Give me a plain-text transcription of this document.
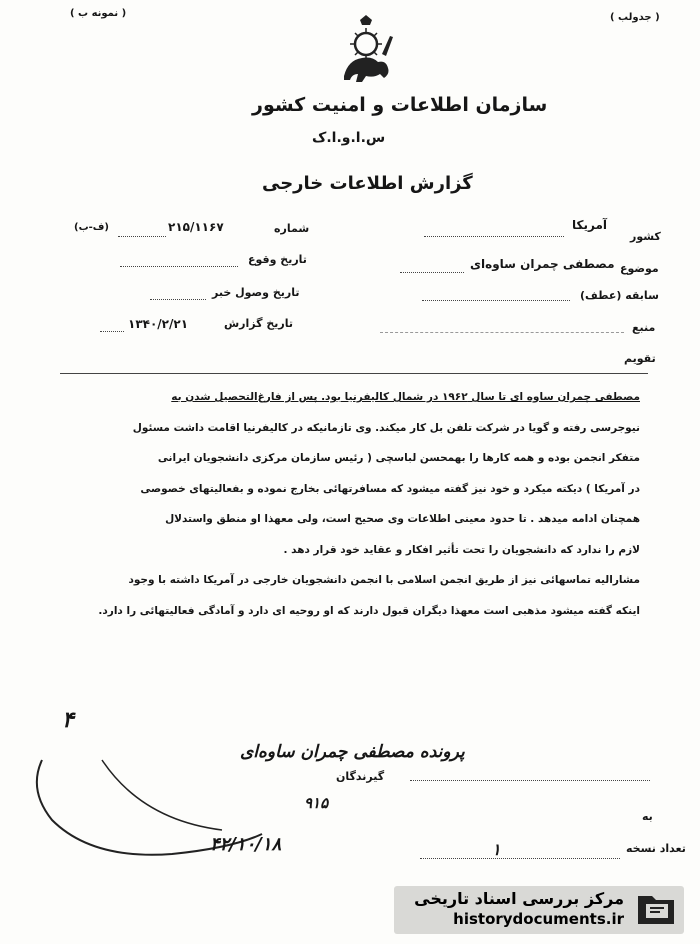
( نمونه ب )	( جدولب )
سازمان اطلاعات و امنیت کشور
س.ا.و.ا.ک
گزارش اطلاعات خارجی
شماره
۲۱۵/۱۱۶۷
(ف-ب)
تاریخ وقوع
تاریخ وصول خبر
تاریخ گزارش
۱۳۴۰/۲/۲۱
کشور
آمریکا
موضوع
مصطفی چمران ساوه‌ای
سابقه (عطف)
منبع
تقویم

مصطفی چمران ساوه ای تا سال ۱۹۶۲ در شمال کالیفرنیا بود. پس از فارغ‌التحصیل شدن به

نیوجرسی رفته و گویا در شرکت تلفن بل کار میکند. وی تازمانیکه در کالیفرنیا اقامت داشت مسئول

متفکر انجمن بوده و همه کارها را بهمحسن لباسچی ( رئیس سازمان مرکزی دانشجویان ایرانی

در آمریکا ) دیکته میکرد و خود نیز گفته میشود که مسافرتهائی بخارج نموده و بفعالیتهای خصوصی

همچنان ادامه میدهد . تا حدود معینی اطلاعات وی صحیح است، ولی معهذا او منطق واستدلال

لازم را ندارد که دانشجویان را تحت تأثیر افکار و عقاید خود قرار دهد .

مشارالیه تماسهائی نیز از طریق انجمن اسلامی با انجمن دانشجویان خارجی در آمریکا داشته با وجود

اینکه گفته میشود مذهبی است معهذا دیگران قبول دارند که او روحیه ای دارد و آمادگی فعالیتهائی را دارد.

۴
پرونده مصطفی چمران ساوه‌ای
گیرندگان
۹۱۵
به
تعداد نسخه
۱
۴۲/۱۰/۱۸
مرکز بررسی اسناد تاریخی
historydocuments.ir
